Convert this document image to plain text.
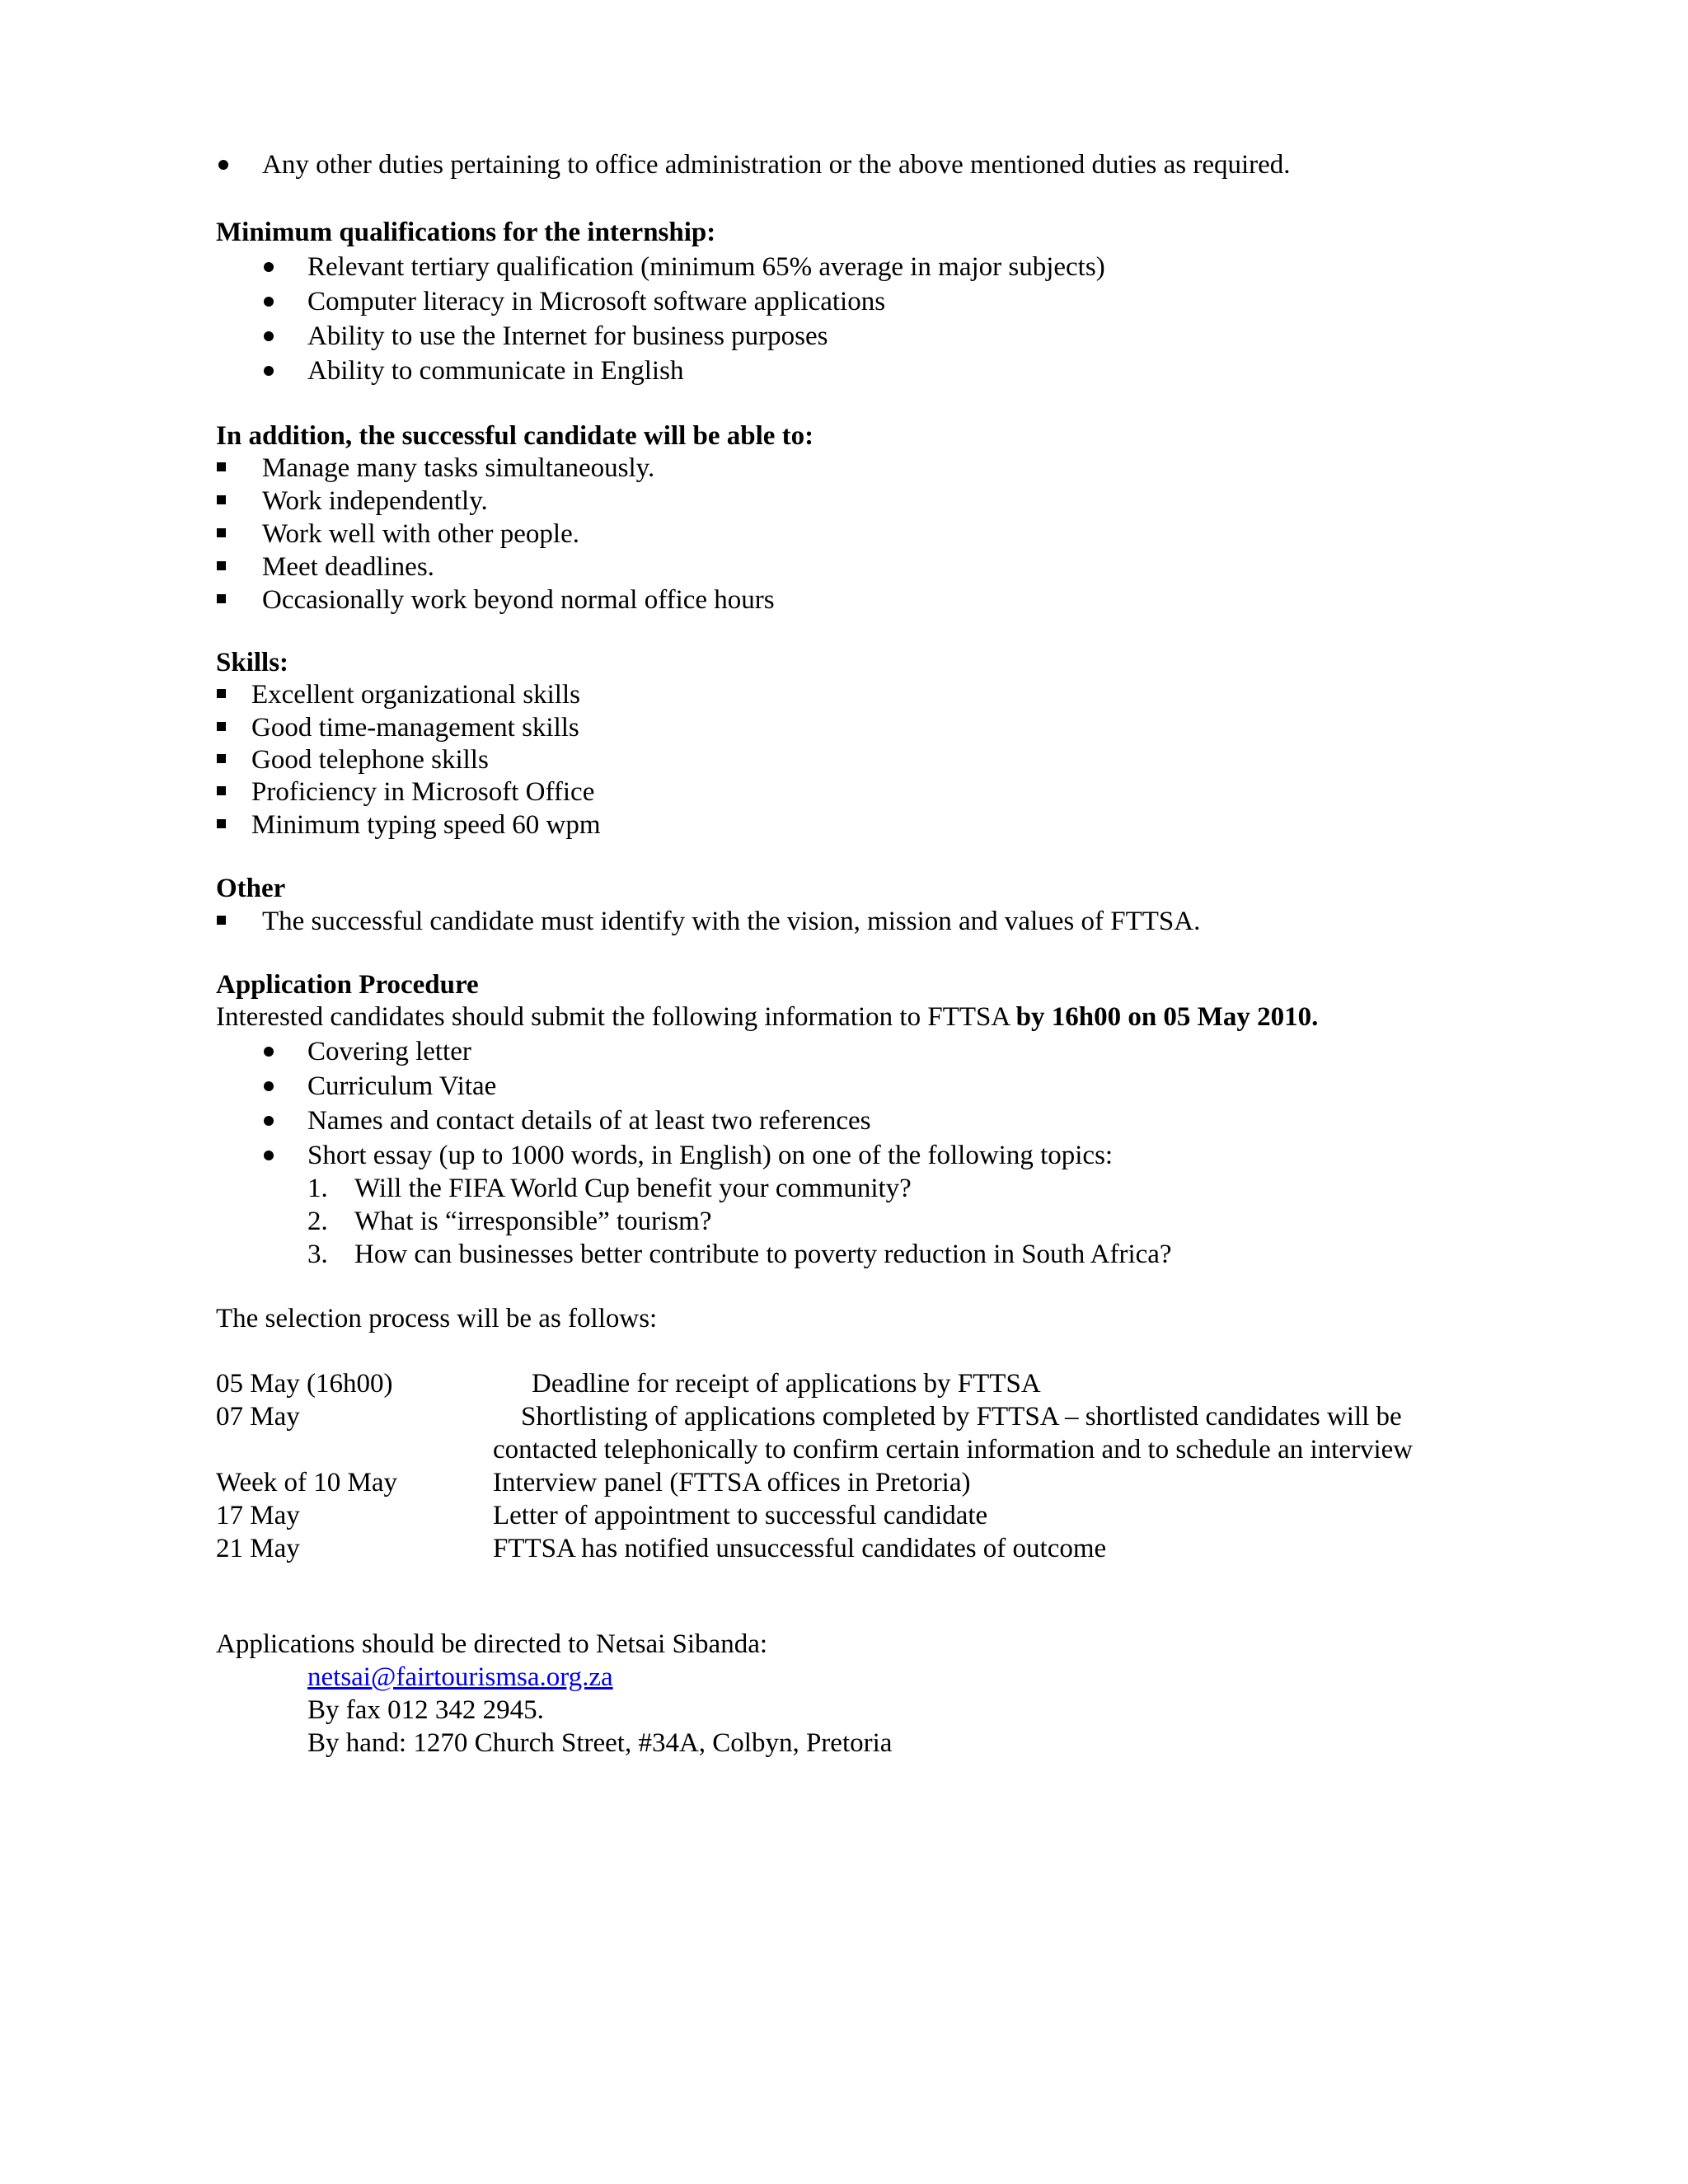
Any other duties pertaining to office administration or the above mentioned duties as required.
Minimum qualifications for the internship:
Relevant tertiary qualification (minimum 65% average in major subjects)
Computer literacy in Microsoft software applications
Ability to use the Internet for business purposes
Ability to communicate in English
In addition, the successful candidate will be able to:
Manage many tasks simultaneously.
Work independently.
Work well with other people.
Meet deadlines.
Occasionally work beyond normal office hours
Skills:
Excellent organizational skills
Good time-management skills
Good telephone skills
Proficiency in Microsoft Office
Minimum typing speed 60 wpm
Other
The successful candidate must identify with the vision, mission and values of FTTSA.
Application Procedure
Interested candidates should submit the following information to FTTSA by 16h00 on 05 May 2010.
Covering letter
Curriculum Vitae
Names and contact details of at least two references
Short essay (up to 1000 words, in English) on one of the following topics:
1. Will the FIFA World Cup benefit your community?
2. What is “irresponsible” tourism?
3. How can businesses better contribute to poverty reduction in South Africa?
The selection process will be as follows:
05 May (16h00)	Deadline for receipt of applications by FTTSA
07 May	Shortlisting of applications completed by FTTSA – shortlisted candidates will be
contacted telephonically to confirm certain information and to schedule an interview
Week of 10 May	Interview panel (FTTSA offices in Pretoria)
17 May	Letter of appointment to successful candidate
21 May	FTTSA has notified unsuccessful candidates of outcome
Applications should be directed to Netsai Sibanda:
netsai@fairtourismsa.org.za
By fax 012 342 2945.
By hand: 1270 Church Street, #34A, Colbyn, Pretoria
